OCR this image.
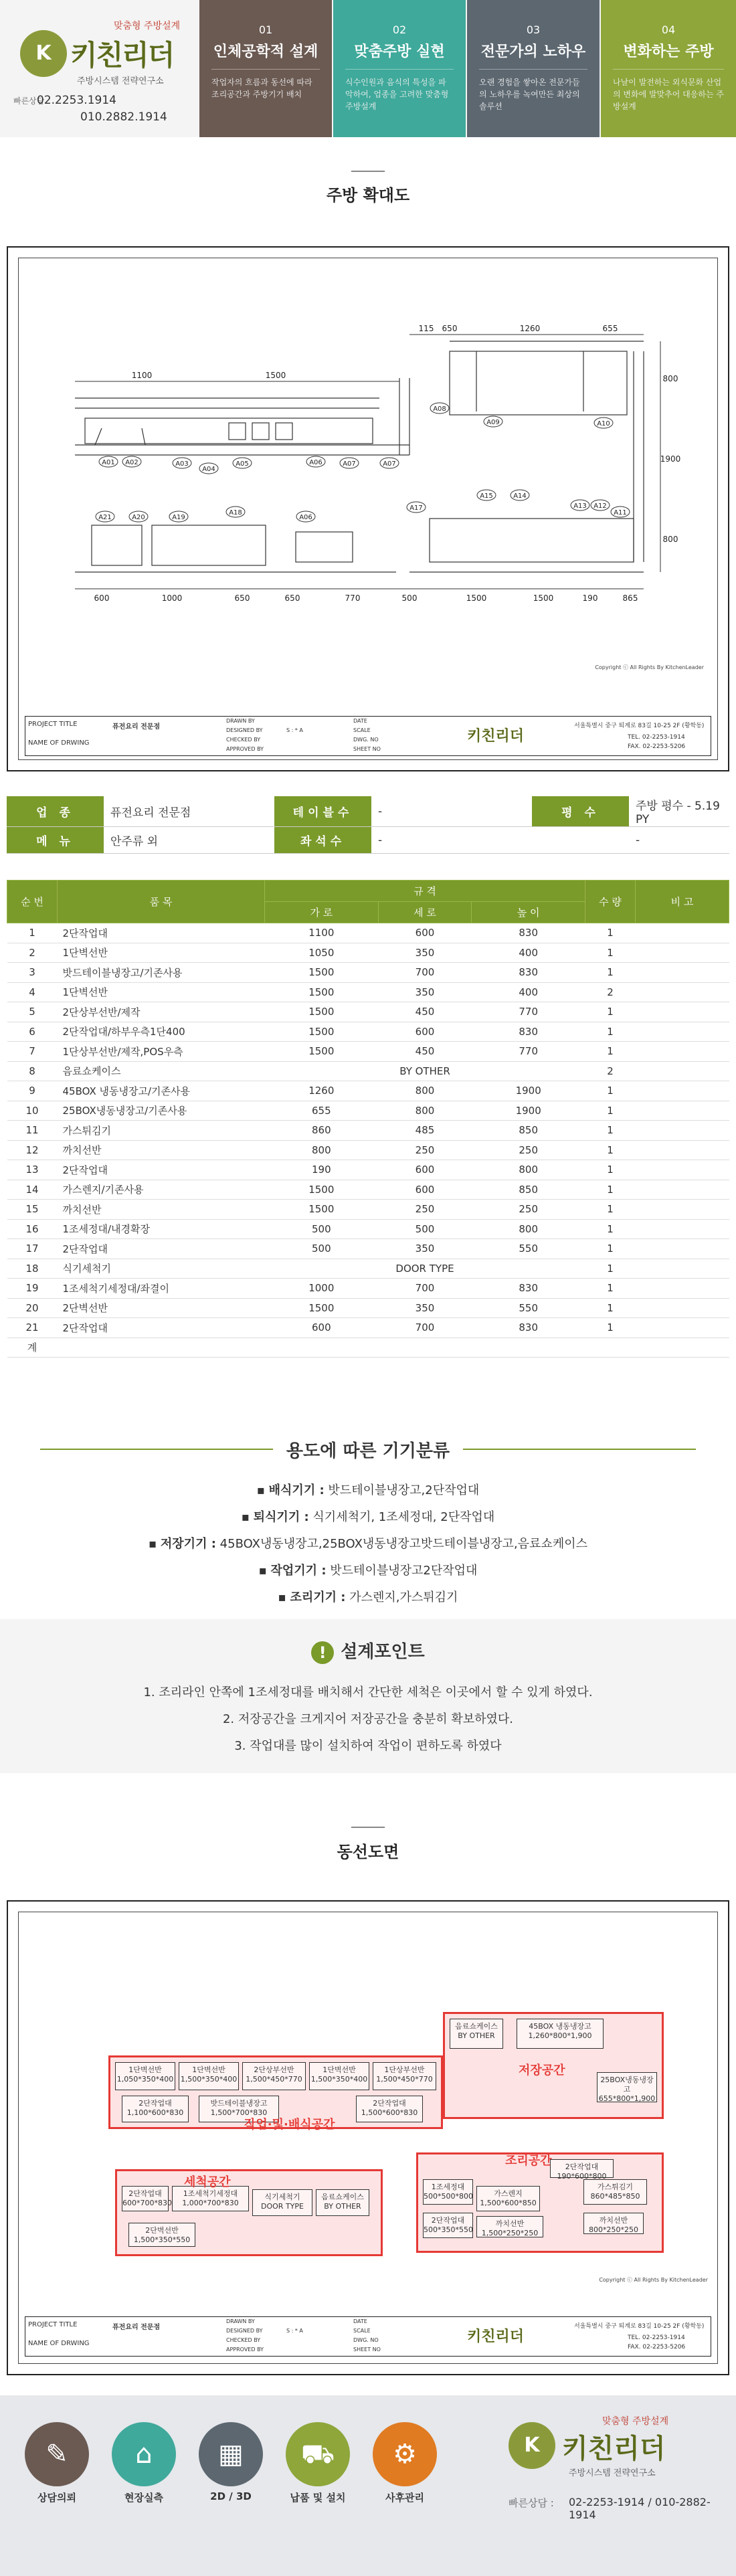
K
맞춤형 주방설계
키친리더
주방시스템 전략연구소
빠른상담
02.2253.1914
010.2882.1914
01
인체공학적 설계
작업자의 흐름과 동선에 따라 조리공간과 주방기기 배치
02
맞춤주방 실현
식수인원과 음식의 특성을 파악하여, 업종을 고려한 맞춤형 주방설계
03
전문가의 노하우
오랜 경험을 쌓아온 전문가들의 노하우를 녹여만든 최상의 솔루션
04
변화하는 주방
나날이 발전하는 외식문화 산업의 변화에 발맞추어 대응하는 주방설계
주방 확대도
A01 A02	A03
A04
A05	A06	A07	A07
A08
A09	A10
A11
A12
A13
A14
A15
A17
A18
A19
A20
A21	A06
1100	1500
115 650	1260	655
600	1000	650	650	770	500	1500	1500	190	865
800
1900
800
Copyright ⓒ All Rights By KitchenLeader
PROJECT TITLE
NAME OF DRWING
퓨전요리 전문점
DRAWN BY
DESIGNED BY
CHECKED BY
APPROVED BY
S : * A
DATE
SCALE
DWG. NO
SHEET NO
키친리더
서울특별시 중구 퇴계로 83길 10-25 2F (황학동)
TEL. 02-2253-1914
FAX. 02-2253-5206
업 종	퓨전요리 전문점	테이블수	-	평 수	주방 평수 - 5.19 PY
메 뉴	안주류 외	좌석수	-		-
순 번	품 목	규 격			수 량	비 고
		가 로	세 로	높 이		
1	2단작업대	1100	600	830	1	
2	1단벽선반	1050	350	400	1	
3	밧드테이블냉장고/기존사용	1500	700	830	1	
4	1단벽선반	1500	350	400	2	
5	2단상부선반/제작	1500	450	770	1	
6	2단작업대/하부우측1단400	1500	600	830	1	
7	1단상부선반/제작,POS우측	1500	450	770	1	
8	음료쇼케이스	BY OTHER			2	
9	45BOX 냉동냉장고/기존사용	1260	800	1900	1	
10	25BOX냉동냉장고/기존사용	655	800	1900	1	
11	가스튀김기	860	485	850	1	
12	까치선반	800	250	250	1	
13	2단작업대	190	600	800	1	
14	가스렌지/기존사용	1500	600	850	1	
15	까치선반	1500	250	250	1	
16	1조세정대/내경확장	500	500	800	1	
17	2단작업대	500	350	550	1	
18	식기세척기	DOOR TYPE			1	
19	1조세척기세정대/좌결이	1000	700	830	1	
20	2단벽선반	1500	350	550	1	
21	2단작업대	600	700	830	1	
계						
용도에 따른 기기분류
▪ 배식기기 : 밧드테이블냉장고,2단작업대
▪ 퇴식기기 : 식기세척기, 1조세정대, 2단작업대
▪ 저장기기 : 45BOX냉동냉장고,25BOX냉동냉장고밧드테이블냉장고,음료쇼케이스
▪ 작업기기 : 밧드테이블냉장고2단작업대
▪ 조리기기 : 가스렌지,가스튀김기
! 설계포인트
1. 조리라인 안쪽에 1조세정대를 배치해서 간단한 세척은 이곳에서 할 수 있게 하였다.
2. 저장공간을 크게지어 저장공간을 충분히 확보하였다.
3. 작업대를 많이 설치하여 작업이 편하도록 하였다
동선도면
1단벽선반 1,050*350*400
1단벽선반 1,500*350*400
2단상부선반 1,500*450*770
1단벽선반 1,500*350*400
1단상부선반 1,500*450*770
2단작업대 1,100*600*830
밧드테이블냉장고 1,500*700*830
2단작업대 1,500*600*830
음료쇼케이스 BY OTHER
45BOX 냉동냉장고 1,260*800*1,900
25BOX냉동냉장고 655*800*1,900
1조세정대 500*500*800
2단작업대 500*350*550
가스렌지 1,500*600*850
가스튀김기 860*485*850
2단작업대 190*600*800
까치선반 1,500*250*250
까치선반 800*250*250
2단작업대 600*700*830
1조세척기세정대 1,000*700*830
식기세척기 DOOR TYPE
음료쇼케이스 BY OTHER
2단벽선반 1,500*350*550
작업·및·배식공간
저장공간
조리공간
세척공간
Copyright ⓒ All Rights By KitchenLeader
PROJECT TITLE
NAME OF DRWING
퓨전요리 전문점
DRAWN BY
DESIGNED BY
CHECKED BY
APPROVED BY
S : * A
DATE
SCALE
DWG. NO
SHEET NO
키친리더
서울특별시 중구 퇴계로 83길 10-25 2F (황학동)
TEL. 02-2253-1914
FAX. 02-2253-5206
✎
상담의뢰
⌂
현장실측
▦
2D / 3D
⛟
납품 및 설치
⚙
사후관리
K
맞춤형 주방설계
키친리더
주방시스템 전략연구소
빠른상담 : 02-2253-1914 / 010-2882-1914
